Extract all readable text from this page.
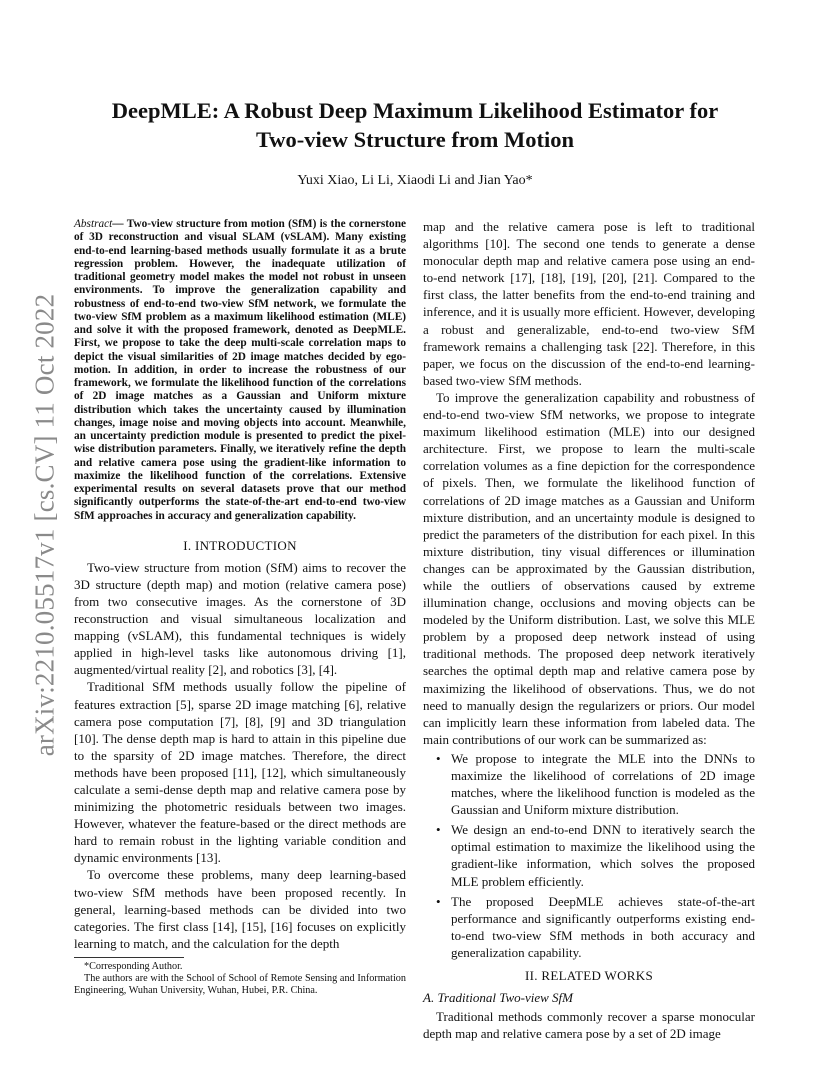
arXiv:2210.05517v1 [cs.CV] 11 Oct 2022
DeepMLE: A Robust Deep Maximum Likelihood Estimator for
Two-view Structure from Motion
Yuxi Xiao, Li Li, Xiaodi Li and Jian Yao*

Abstract— Two-view structure from motion (SfM) is the cornerstone of 3D reconstruction and visual SLAM (vSLAM). Many existing end-to-end learning-based methods usually formulate it as a brute regression problem. However, the inadequate utilization of traditional geometry model makes the model not robust in unseen environments. To improve the generalization capability and robustness of end-to-end two-view SfM network, we formulate the two-view SfM problem as a maximum likelihood estimation (MLE) and solve it with the proposed framework, denoted as DeepMLE. First, we propose to take the deep multi-scale correlation maps to depict the visual similarities of 2D image matches decided by ego-motion. In addition, in order to increase the robustness of our framework, we formulate the likelihood function of the correlations of 2D image matches as a Gaussian and Uniform mixture distribution which takes the uncertainty caused by illumination changes, image noise and moving objects into account. Meanwhile, an uncertainty prediction module is presented to predict the pixel-wise distribution parameters. Finally, we iteratively refine the depth and relative camera pose using the gradient-like information to maximize the likelihood function of the correlations. Extensive experimental results on several datasets prove that our method significantly outperforms the state-of-the-art end-to-end two-view SfM approaches in accuracy and generalization capability.

I. INTRODUCTION

Two-view structure from motion (SfM) aims to recover the 3D structure (depth map) and motion (relative camera pose) from two consecutive images. As the cornerstone of 3D reconstruction and visual simultaneous localization and mapping (vSLAM), this fundamental techniques is widely applied in high-level tasks like autonomous driving [1], augmented/virtual reality [2], and robotics [3], [4].

Traditional SfM methods usually follow the pipeline of features extraction [5], sparse 2D image matching [6], relative camera pose computation [7], [8], [9] and 3D triangulation [10]. The dense depth map is hard to attain in this pipeline due to the sparsity of 2D image matches. Therefore, the direct methods have been proposed [11], [12], which simultaneously calculate a semi-dense depth map and relative camera pose by minimizing the photometric residuals between two images. However, whatever the feature-based or the direct methods are hard to remain robust in the lighting variable condition and dynamic environments [13].

To overcome these problems, many deep learning-based two-view SfM methods have been proposed recently. In general, learning-based methods can be divided into two categories. The first class [14], [15], [16] focuses on explicitly learning to match, and the calculation for the depth

*Corresponding Author.

The authors are with the School of School of Remote Sensing and Information Engineering, Wuhan University, Wuhan, Hubei, P.R. China.

map and the relative camera pose is left to traditional algorithms [10]. The second one tends to generate a dense monocular depth map and relative camera pose using an end-to-end network [17], [18], [19], [20], [21]. Compared to the first class, the latter benefits from the end-to-end training and inference, and it is usually more efficient. However, developing a robust and generalizable, end-to-end two-view SfM framework remains a challenging task [22]. Therefore, in this paper, we focus on the discussion of the end-to-end learning-based two-view SfM methods.

To improve the generalization capability and robustness of end-to-end two-view SfM networks, we propose to integrate maximum likelihood estimation (MLE) into our designed architecture. First, we propose to learn the multi-scale correlation volumes as a fine depiction for the correspondence of pixels. Then, we formulate the likelihood function of correlations of 2D image matches as a Gaussian and Uniform mixture distribution, and an uncertainty module is designed to predict the parameters of the distribution for each pixel. In this mixture distribution, tiny visual differences or illumination changes can be approximated by the Gaussian distribution, while the outliers of observations caused by extreme illumination change, occlusions and moving objects can be modeled by the Uniform distribution. Last, we solve this MLE problem by a proposed deep network instead of using traditional methods. The proposed deep network iteratively searches the optimal depth map and relative camera pose by maximizing the likelihood of observations. Thus, we do not need to manually design the regularizers or priors. Our model can implicitly learn these information from labeled data. The main contributions of our work can be summarized as:

• We propose to integrate the MLE into the DNNs to maximize the likelihood of correlations of 2D image matches, where the likelihood function is modeled as the Gaussian and Uniform mixture distribution.

• We design an end-to-end DNN to iteratively search the optimal estimation to maximize the likelihood using the gradient-like information, which solves the proposed MLE problem efficiently.

• The proposed DeepMLE achieves state-of-the-art performance and significantly outperforms existing end-to-end two-view SfM methods in both accuracy and generalization capability.

II. RELATED WORKS
A. Traditional Two-view SfM

Traditional methods commonly recover a sparse monocular depth map and relative camera pose by a set of 2D image
